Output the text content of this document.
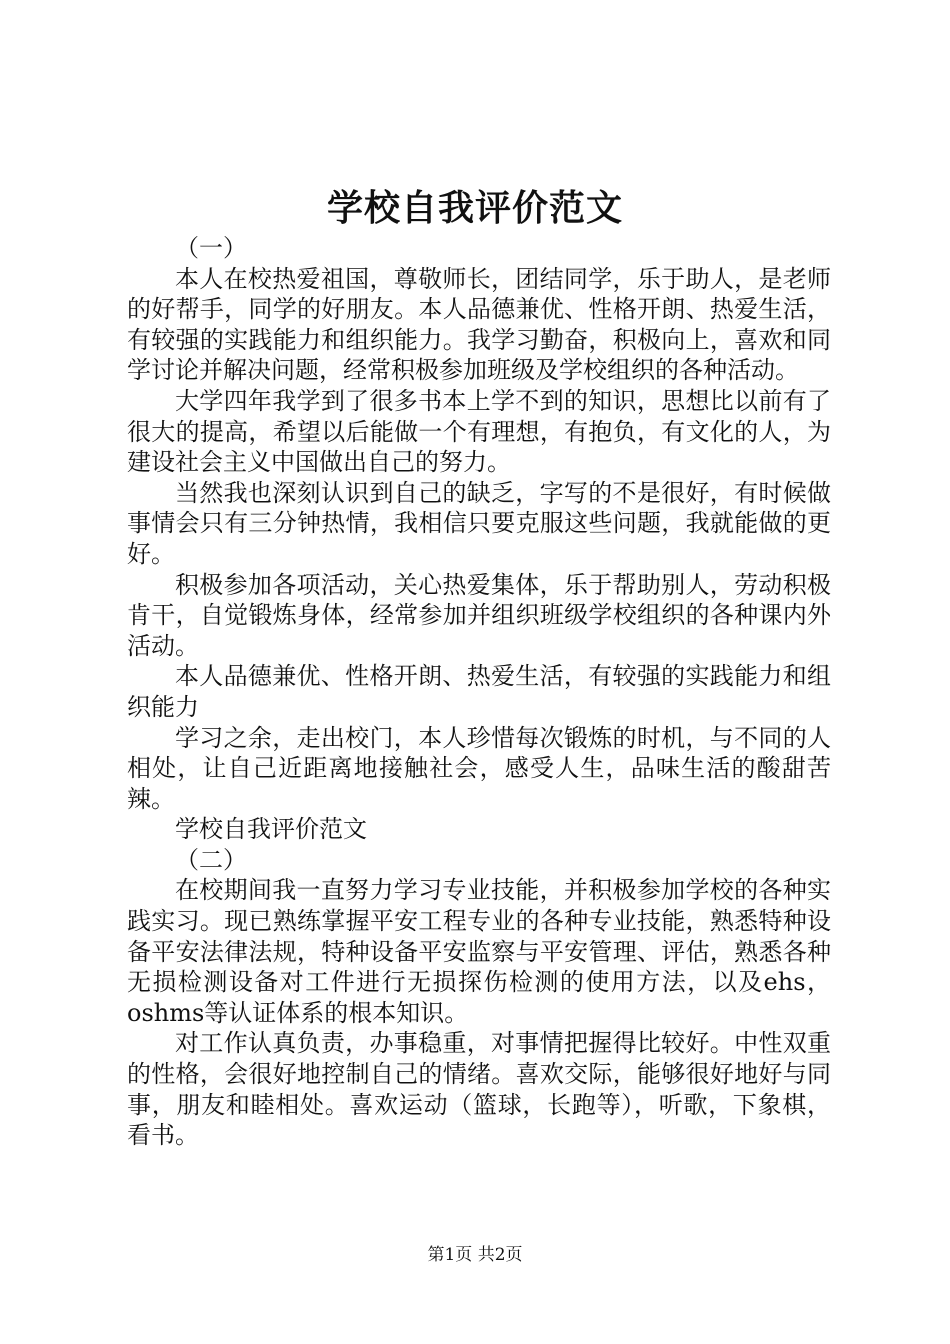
学校自我评价范文

（一）

本人在校热爱祖国，尊敬师长，团结同学，乐于助人，是老师的好帮手，同学的好朋友。本人品德兼优、性格开朗、热爱生活，有较强的实践能力和组织能力。我学习勤奋，积极向上，喜欢和同学讨论并解决问题，经常积极参加班级及学校组织的各种活动。

大学四年我学到了很多书本上学不到的知识，思想比以前有了很大的提高，希望以后能做一个有理想，有抱负，有文化的人，为建设社会主义中国做出自己的努力。

当然我也深刻认识到自己的缺乏，字写的不是很好，有时候做事情会只有三分钟热情，我相信只要克服这些问题，我就能做的更好。

积极参加各项活动，关心热爱集体，乐于帮助别人，劳动积极肯干，自觉锻炼身体，经常参加并组织班级学校组织的各种课内外活动。

本人品德兼优、性格开朗、热爱生活，有较强的实践能力和组织能力

学习之余，走出校门，本人珍惜每次锻炼的时机，与不同的人相处，让自己近距离地接触社会，感受人生，品味生活的酸甜苦辣。

学校自我评价范文

（二）

在校期间我一直努力学习专业技能，并积极参加学校的各种实践实习。现已熟练掌握平安工程专业的各种专业技能，熟悉特种设备平安法律法规，特种设备平安监察与平安管理、评估，熟悉各种无损检测设备对工件进行无损探伤检测的使用方法，以及ehs，oshms等认证体系的根本知识。

对工作认真负责，办事稳重，对事情把握得比较好。中性双重的性格，会很好地控制自己的情绪。喜欢交际，能够很好地好与同事，朋友和睦相处。喜欢运动（篮球，长跑等），听歌，下象棋，看书。

第1页 共2页
